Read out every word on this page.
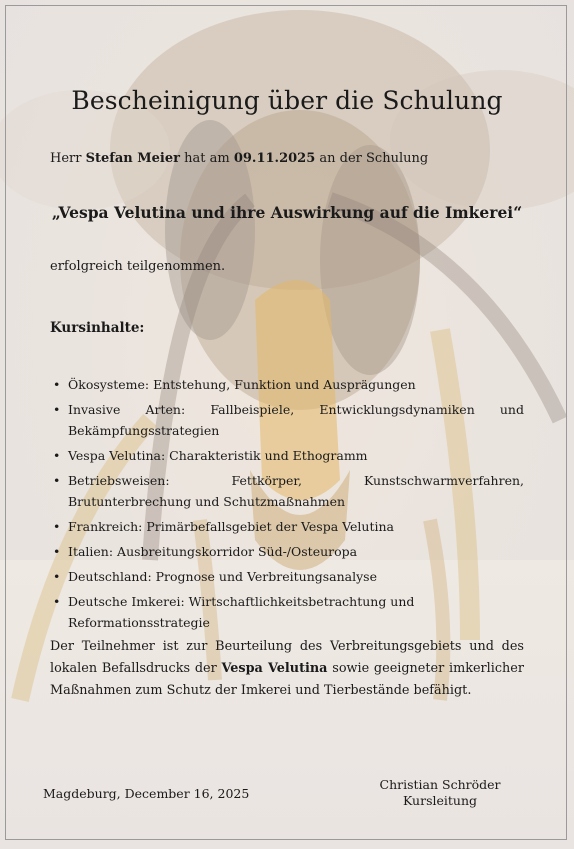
Bescheinigung über die Schulung
Herr Stefan Meier hat am 09.11.2025 an der Schulung
„Vespa Velutina und ihre Auswirkung auf die Imkerei“
erfolgreich teilgenommen.
Kursinhalte:
• Ökosysteme: Entstehung, Funktion und Ausprägungen
• Invasive Arten: Fallbeispiele, Entwicklungsdynamiken und Bekämpfungsstrategien
• Vespa Velutina: Charakteristik und Ethogramm
• Betriebsweisen: Fettkörper, Kunstschwarmverfahren, Brutunterbrechung und Schutzmaßnahmen
• Frankreich: Primärbefallsgebiet der Vespa Velutina
• Italien: Ausbreitungskorridor Süd-/Osteuropa
• Deutschland: Prognose und Verbreitungsanalyse
• Deutsche Imkerei: Wirtschaftlichkeitsbetrachtung und Reformationsstrategie
Der Teilnehmer ist zur Beurteilung des Verbreitungsgebiets und des lokalen Befallsdrucks der Vespa Velutina sowie geeigneter imkerlicher Maßnahmen zum Schutz der Imkerei und Tierbestände befähigt.
Magdeburg, December 16, 2025
Christian Schröder
Kursleitung
